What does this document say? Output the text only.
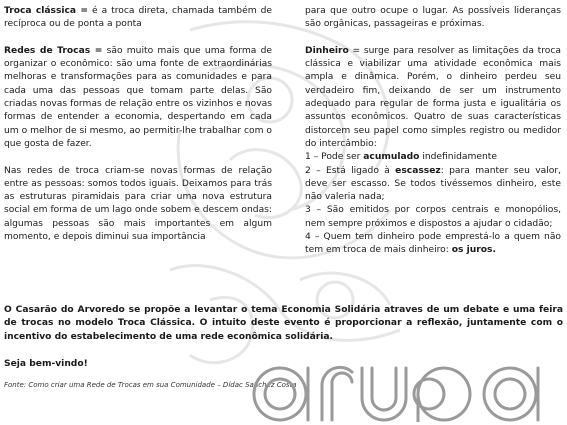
Troca clássica = é a troca direta, chamada também de recíproca ou de ponta a ponta

Redes de Trocas = são muito mais que uma forma de organizar o econômico: são uma fonte de extraordinárias melhoras e transformações para as comunidades e para cada uma das pessoas que tomam parte delas. São criadas novas formas de relação entre os vizinhos e novas formas de entender a economia, despertando em cada um o melhor de si mesmo, ao permitir-lhe trabalhar com o que gosta de fazer.

Nas redes de troca criam-se novas formas de relação entre as pessoas: somos todos iguais. Deixamos para trás as estruturas piramidais para criar uma nova estrutura social em forma de um lago onde sobem e descem ondas: algumas pessoas são mais importantes em algum momento, e depois diminui sua importância

para que outro ocupe o lugar. As possíveis lideranças são orgânicas, passageiras e próximas.

Dinheiro = surge para resolver as limitações da troca clássica e viabilizar uma atividade econômica mais ampla e dinâmica. Porém, o dinheiro perdeu seu verdadeiro fim, deixando de ser um instrumento adequado para regular de forma justa e igualitária os assuntos econômicos. Quatro de suas características distorcem seu papel como simples registro ou medidor do intercâmbio:

1 – Pode ser acumulado indefinidamente

2 – Está ligado à escassez: para manter seu valor, deve ser escasso. Se todos tivéssemos dinheiro, este não valeria nada;

3 – São emitidos por corpos centrais e monopólios, nem sempre próximos e dispostos a ajudar o cidadão;

4 – Quem tem dinheiro pode emprestá-lo a quem não tem em troca de mais dinheiro: os juros.

O Casarão do Arvoredo se propõe a levantar o tema Economia Solidária atraves de um debate e uma feira de trocas no modelo Troca Clássica. O intuito deste evento é proporcionar a reflexão, juntamente com o incentivo do estabelecimento de uma rede econômica solidária.
Seja bem-vindo!
Fonte: Como criar uma Rede de Trocas em sua Comunidade – Dídac Sanchez Costa
